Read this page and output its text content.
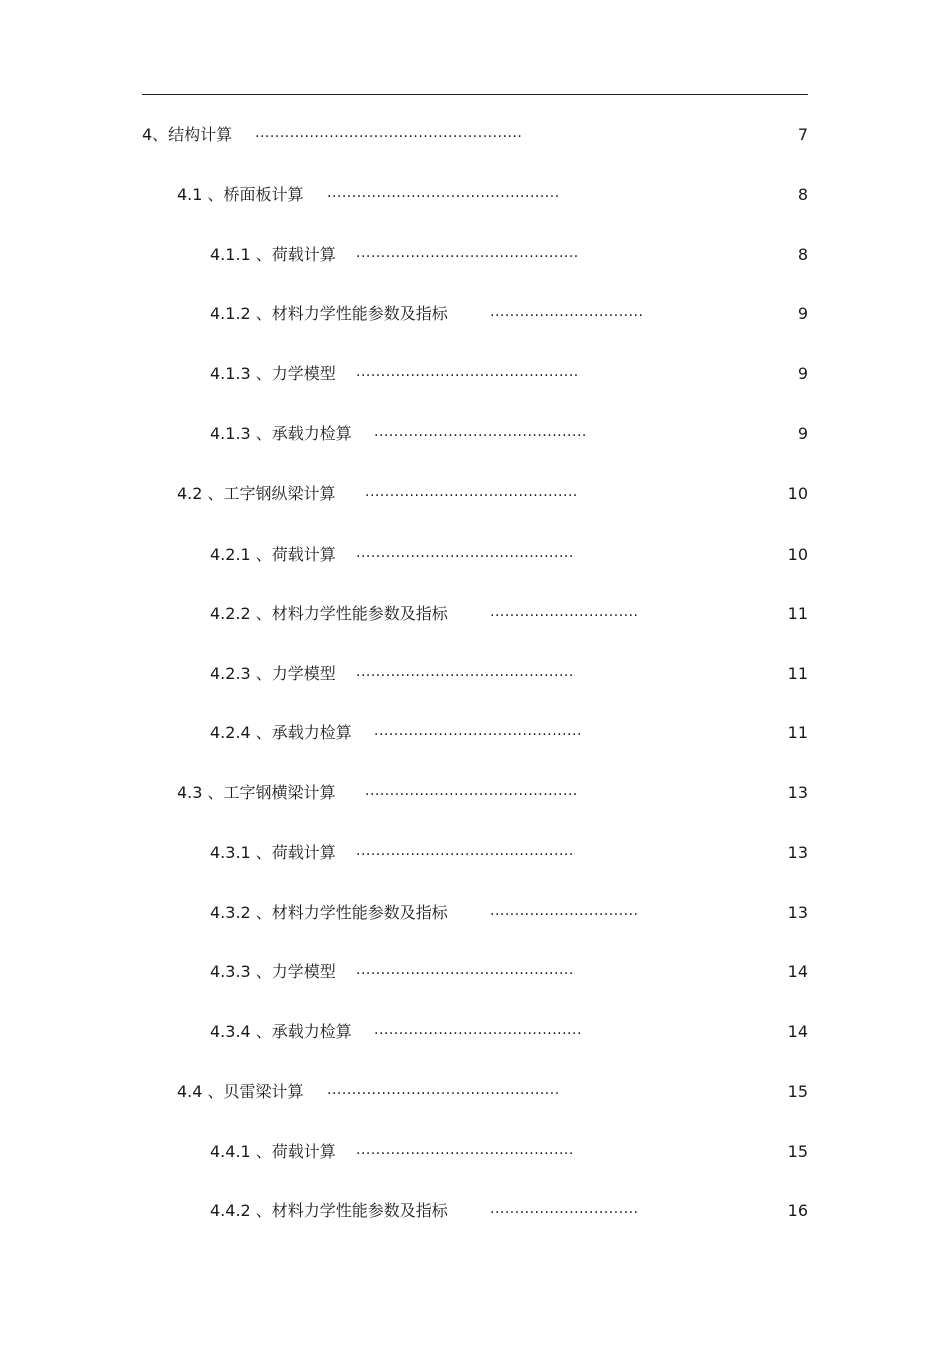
4、结构计算 ......................................................	7
4.1 、桥面板计算 ...............................................	8
4.1.1 、荷载计算 .............................................	8
4.1.2 、材料力学性能参数及指标	...............................	9
4.1.3 、力学模型 .............................................	9
4.1.3 、承载力检算 ...........................................	9
4.2 、工字钢纵梁计算 ...........................................	10
4.2.1 、荷载计算 ............................................	10
4.2.2 、材料力学性能参数及指标	..............................	11
4.2.3 、力学模型 ............................................	11
4.2.4 、承载力检算 ..........................................	11
4.3 、工字钢横梁计算 ...........................................	13
4.3.1 、荷载计算 ............................................	13
4.3.2 、材料力学性能参数及指标	..............................	13
4.3.3 、力学模型 ............................................	14
4.3.4 、承载力检算 ..........................................	14
4.4 、贝雷梁计算 ...............................................	15
4.4.1 、荷载计算 ............................................	15
4.4.2 、材料力学性能参数及指标	..............................	16
